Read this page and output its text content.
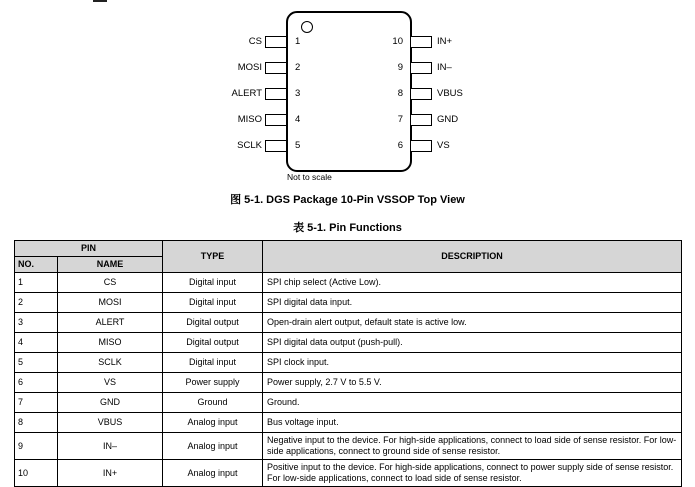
CS	1	10	IN+
MOSI	2	9	IN–
ALERT	3	8	VBUS
MISO	4	7	GND
SCLK	5	6	VS
Not to scale
图 5-1. DGS Package 10-Pin VSSOP Top View
表 5-1. Pin Functions
PIN		TYPE	DESCRIPTION
NO.	NAME		
1	CS	Digital input	SPI chip select (Active Low).
2	MOSI	Digital input	SPI digital data input.
3	ALERT	Digital output	Open-drain alert output, default state is active low.
4	MISO	Digital output	SPI digital data output (push-pull).
5	SCLK	Digital input	SPI clock input.
6	VS	Power supply	Power supply, 2.7 V to 5.5 V.
7	GND	Ground	Ground.
8	VBUS	Analog input	Bus voltage input.
9	IN–	Analog input	Negative input to the device. For high-side applications, connect to load side of sense resistor. For low-side applications, connect to ground side of sense resistor.
10	IN+	Analog input	Positive input to the device. For high-side applications, connect to power supply side of sense resistor. For low-side applications, connect to load side of sense resistor.
